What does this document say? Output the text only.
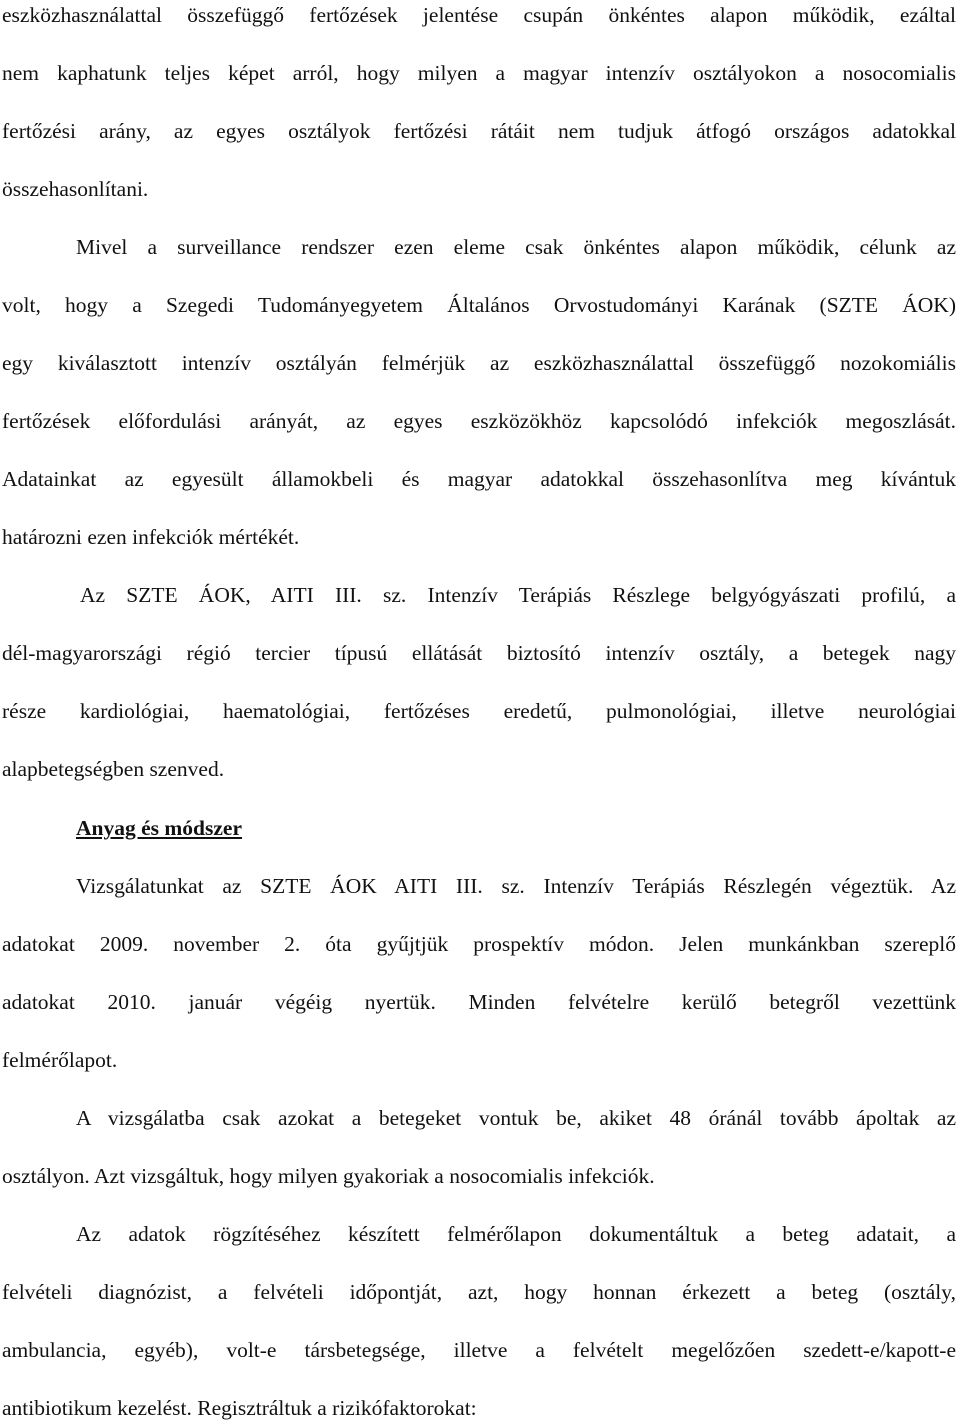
eszközhasználattal összefüggő fertőzések jelentése csupán önkéntes alapon működik, ezáltal
nem kaphatunk teljes képet arról, hogy milyen a magyar intenzív osztályokon a nosocomialis
fertőzési arány, az egyes osztályok fertőzési rátáit nem tudjuk átfogó országos adatokkal
összehasonlítani.
Mivel a surveillance rendszer ezen eleme csak önkéntes alapon működik, célunk az
volt, hogy a Szegedi Tudományegyetem Általános Orvostudományi Karának (SZTE ÁOK)
egy kiválasztott intenzív osztályán felmérjük az eszközhasználattal összefüggő nozokomiális
fertőzések előfordulási arányát, az egyes eszközökhöz kapcsolódó infekciók megoszlását.
Adatainkat az egyesült államokbeli és magyar adatokkal összehasonlítva meg kívántuk
határozni ezen infekciók mértékét.
Az SZTE ÁOK, AITI III. sz. Intenzív Terápiás Részlege belgyógyászati profilú, a
dél-magyarországi régió tercier típusú ellátását biztosító intenzív osztály, a betegek nagy
része kardiológiai, haematológiai, fertőzéses eredetű, pulmonológiai, illetve neurológiai
alapbetegségben szenved.
Anyag és módszer
Vizsgálatunkat az SZTE ÁOK AITI III. sz. Intenzív Terápiás Részlegén végeztük. Az
adatokat 2009. november 2. óta gyűjtjük prospektív módon. Jelen munkánkban szereplő
adatokat 2010. január végéig nyertük. Minden felvételre kerülő betegről vezettünk
felmérőlapot.
A vizsgálatba csak azokat a betegeket vontuk be, akiket 48 óránál tovább ápoltak az
osztályon. Azt vizsgáltuk, hogy milyen gyakoriak a nosocomialis infekciók.
Az adatok rögzítéséhez készített felmérőlapon dokumentáltuk a beteg adatait, a
felvételi diagnózist, a felvételi időpontját, azt, hogy honnan érkezett a beteg (osztály,
ambulancia, egyéb), volt-e társbetegsége, illetve a felvételt megelőzően szedett-e/kapott-e
antibiotikum kezelést. Regisztráltuk a rizikófaktorokat:
